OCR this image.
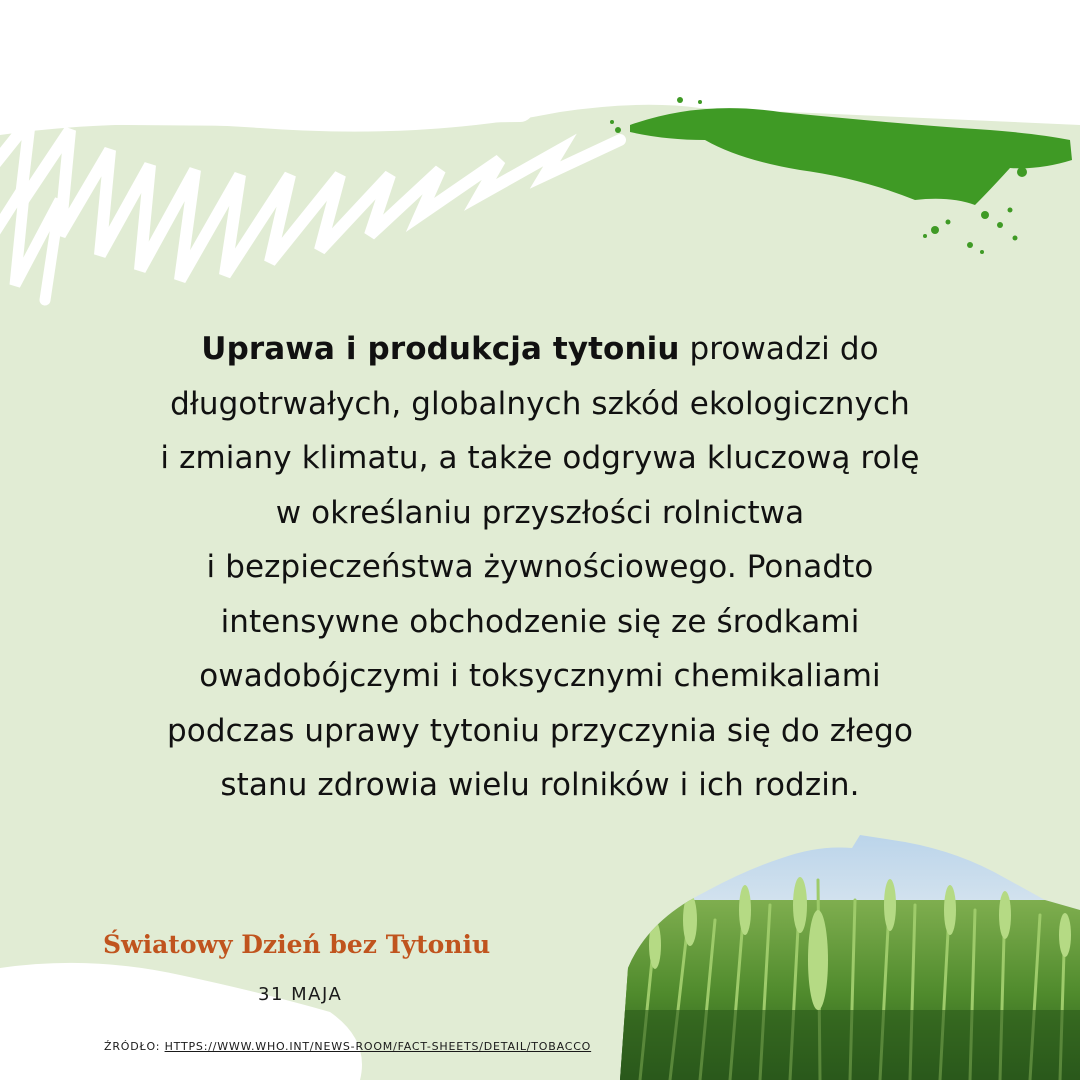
Uprawa i produkcja tytoniu prowadzi do
długotrwałych, globalnych szkód ekologicznych
i zmiany klimatu, a także odgrywa kluczową rolę
w określaniu przyszłości rolnictwa
i bezpieczeństwa żywnościowego. Ponadto
intensywne obchodzenie się ze środkami
owadobójczymi i toksycznymi chemikaliami
podczas uprawy tytoniu przyczynia się do złego
stanu zdrowia wielu rolników i ich rodzin.
Światowy Dzień bez Tytoniu
31 MAJA
ŹRÓDŁO: HTTPS://WWW.WHO.INT/NEWS-ROOM/FACT-SHEETS/DETAIL/TOBACCO
